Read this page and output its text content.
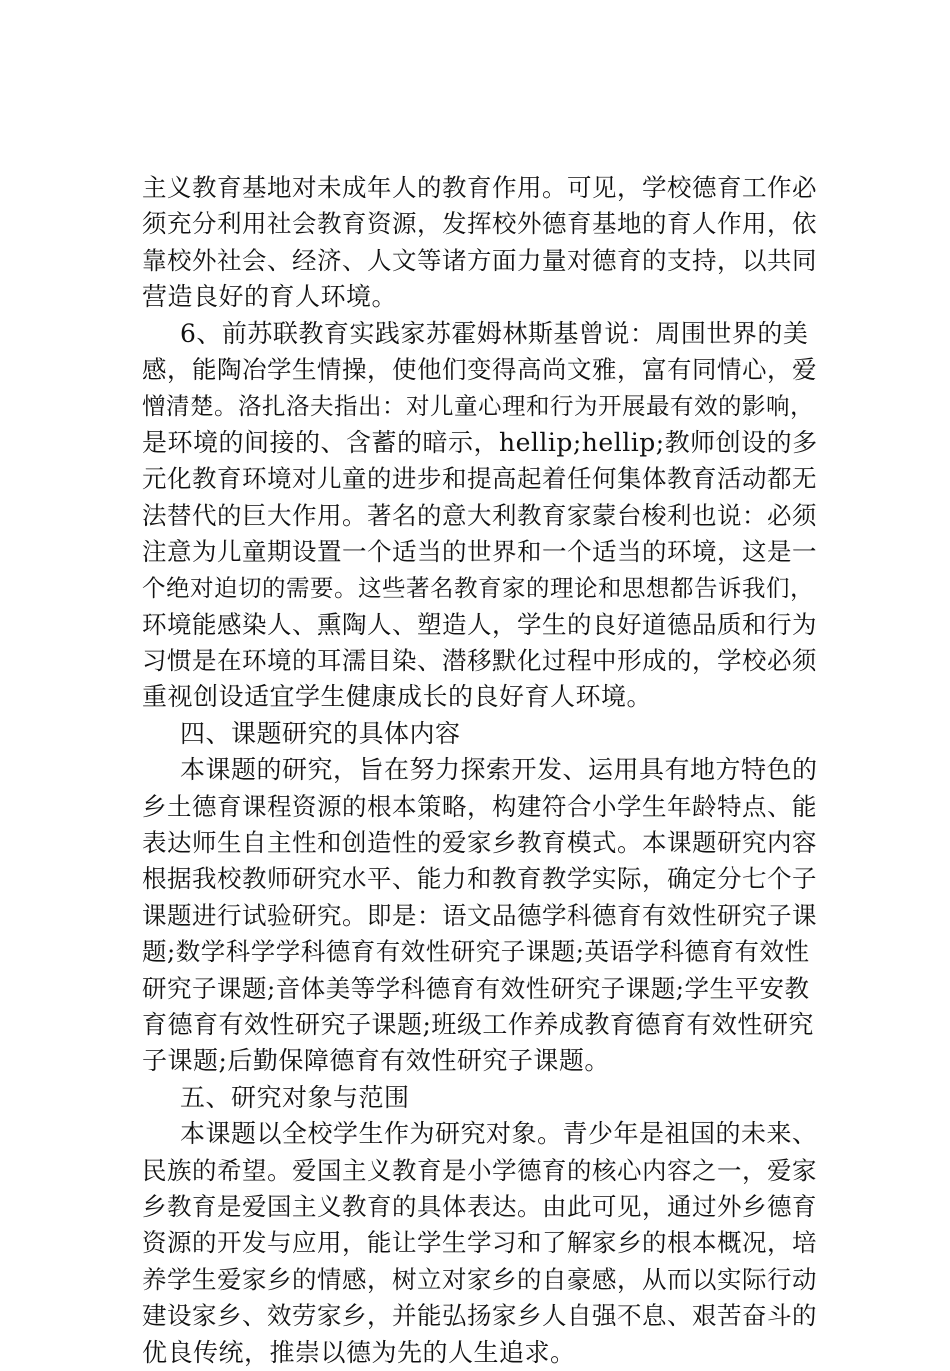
主义教育基地对未成年人的教育作用。可见，学校德育工作必
须充分利用社会教育资源，发挥校外德育基地的育人作用，依
靠校外社会、经济、人文等诸方面力量对德育的支持，以共同
营造良好的育人环境。
6、前苏联教育实践家苏霍姆林斯基曾说：周围世界的美
感，能陶冶学生情操，使他们变得高尚文雅，富有同情心，爱
憎清楚。洛扎洛夫指出：对儿童心理和行为开展最有效的影响，
是环境的间接的、含蓄的暗示，hellip;hellip;教师创设的多
元化教育环境对儿童的进步和提高起着任何集体教育活动都无
法替代的巨大作用。著名的意大利教育家蒙台梭利也说：必须
注意为儿童期设置一个适当的世界和一个适当的环境，这是一
个绝对迫切的需要。这些著名教育家的理论和思想都告诉我们，
环境能感染人、熏陶人、塑造人，学生的良好道德品质和行为
习惯是在环境的耳濡目染、潜移默化过程中形成的，学校必须
重视创设适宜学生健康成长的良好育人环境。
四、课题研究的具体内容
本课题的研究，旨在努力探索开发、运用具有地方特色的
乡土德育课程资源的根本策略，构建符合小学生年龄特点、能
表达师生自主性和创造性的爱家乡教育模式。本课题研究内容
根据我校教师研究水平、能力和教育教学实际，确定分七个子
课题进行试验研究。即是：语文品德学科德育有效性研究子课
题;数学科学学科德育有效性研究子课题;英语学科德育有效性
研究子课题;音体美等学科德育有效性研究子课题;学生平安教
育德育有效性研究子课题;班级工作养成教育德育有效性研究
子课题;后勤保障德育有效性研究子课题。
五、研究对象与范围
本课题以全校学生作为研究对象。青少年是祖国的未来、
民族的希望。爱国主义教育是小学德育的核心内容之一，爱家
乡教育是爱国主义教育的具体表达。由此可见，通过外乡德育
资源的开发与应用，能让学生学习和了解家乡的根本概况，培
养学生爱家乡的情感，树立对家乡的自豪感，从而以实际行动
建设家乡、效劳家乡，并能弘扬家乡人自强不息、艰苦奋斗的
优良传统，推崇以德为先的人生追求。
